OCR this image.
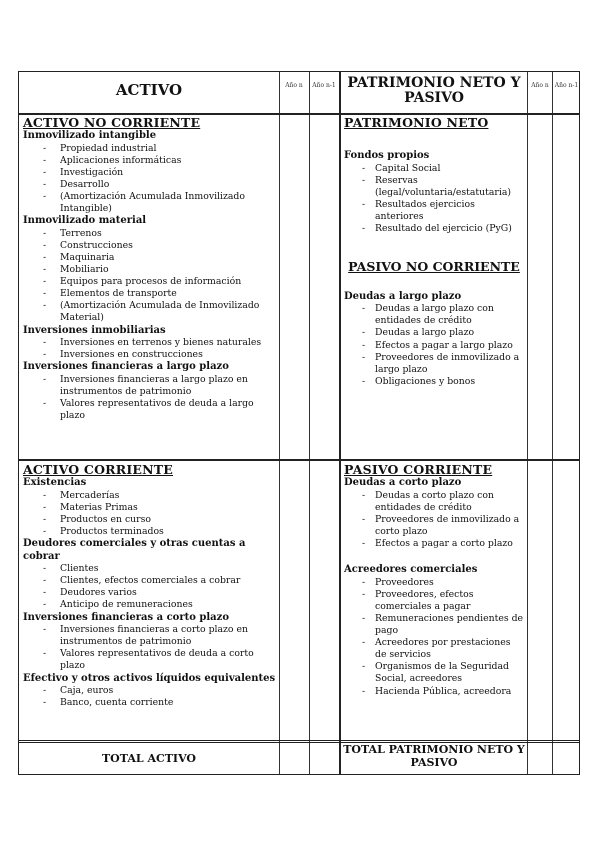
ACTIVO	Año n	Año n-1 PATRIMONIO NETO Y PASIVO
Año n Año n-1
ACTIVO NO CORRIENTE
Inmovilizado intangible
- Propiedad industrial
- Aplicaciones informáticas
- Investigación
- Desarrollo
- (Amortización Acumulada Inmovilizado Intangible)
Inmovilizado material
- Terrenos
- Construcciones
- Maquinaria
- Mobiliario
- Equipos para procesos de información
- Elementos de transporte
- (Amortización Acumulada de Inmovilizado Material)
Inversiones inmobiliarias
- Inversiones en terrenos y bienes naturales
- Inversiones en construcciones
Inversiones financieras a largo plazo
- Inversiones financieras a largo plazo en instrumentos de patrimonio
- Valores representativos de deuda a largo plazo
ACTIVO CORRIENTE
Existencias
- Mercaderías
- Materias Primas
- Productos en curso
- Productos terminados
Deudores comerciales y otras cuentas a cobrar
- Clientes
- Clientes, efectos comerciales a cobrar
- Deudores varios
- Anticipo de remuneraciones
Inversiones financieras a corto plazo
- Inversiones financieras a corto plazo en instrumentos de patrimonio
- Valores representativos de deuda a corto plazo
Efectivo y otros activos líquidos equivalentes
- Caja, euros
- Banco, cuenta corriente
PATRIMONIO NETO
Fondos propios
- Capital Social
- Reservas (legal/voluntaria/estatutaria)
- Resultados ejercicios anteriores
- Resultado del ejercicio (PyG)
PASIVO NO CORRIENTE
Deudas a largo plazo
- Deudas a largo plazo con entidades de crédito
- Deudas a largo plazo
- Efectos a pagar a largo plazo
- Proveedores de inmovilizado a largo plazo
- Obligaciones y bonos
PASIVO CORRIENTE
Deudas a corto plazo
- Deudas a corto plazo con entidades de crédito
- Proveedores de inmovilizado a corto plazo
- Efectos a pagar a corto plazo
Acreedores comerciales
- Proveedores
- Proveedores, efectos comerciales a pagar
- Remuneraciones pendientes de pago
- Acreedores por prestaciones de servicios
- Organismos de la Seguridad Social, acreedores
- Hacienda Pública, acreedora
TOTAL ACTIVO
TOTAL PATRIMONIO NETO Y PASIVO
